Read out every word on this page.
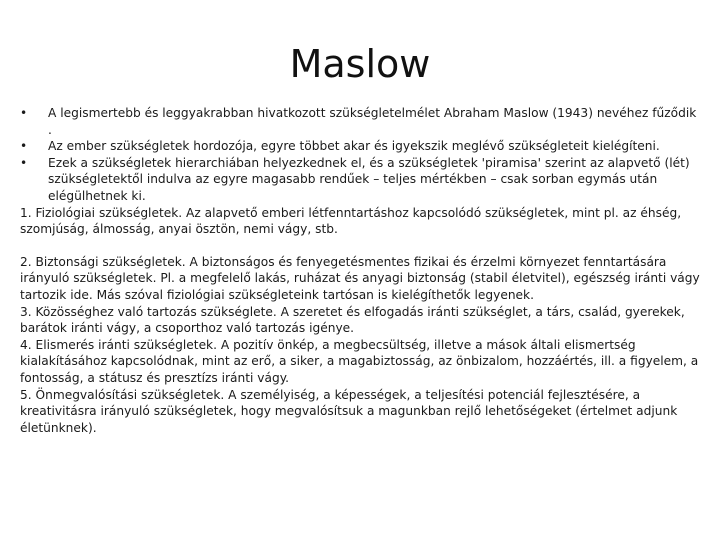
Maslow
• A legismertebb és leggyakrabban hivatkozott szükségletelmélet Abraham Maslow (1943) nevéhez fűződik .
• Az ember szükségletek hordozója, egyre többet akar és igyekszik meglévő szükségleteit kielégíteni.
• Ezek a szükségletek hierarchiában helyezkednek el, és a szükségletek 'piramisa' szerint az alapvető (lét) szükségletektől indulva az egyre magasabb rendűek – teljes mértékben – csak sorban egymás után elégülhetnek ki.

1. Fiziológiai szükségletek. Az alapvető emberi létfenntartáshoz kapcsolódó szükségletek, mint pl. az éhség, szomjúság, álmosság, anyai ösztön, nemi vágy, stb.

2. Biztonsági szükségletek. A biztonságos és fenyegetésmentes fizikai és érzelmi környezet fenntartására irányuló szükségletek. Pl. a megfelelő lakás, ruházat és anyagi biztonság (stabil életvitel), egészség iránti vágy tartozik ide. Más szóval fiziológiai szükségleteink tartósan is kielégíthetők legyenek.

3. Közösséghez való tartozás szükséglete. A szeretet és elfogadás iránti szükséglet, a társ, család, gyerekek, barátok iránti vágy, a csoporthoz való tartozás igénye.

4. Elismerés iránti szükségletek. A pozitív önkép, a megbecsültség, illetve a mások általi elismertség kialakításához kapcsolódnak, mint az erő, a siker, a magabiztosság, az önbizalom, hozzáértés, ill. a figyelem, a fontosság, a státusz és presztízs iránti vágy.

5. Önmegvalósítási szükségletek. A személyiség, a képességek, a teljesítési potenciál fejlesztésére, a kreativitásra irányuló szükségletek, hogy megvalósítsuk a magunkban rejlő lehetőségeket (értelmet adjunk életünknek).
